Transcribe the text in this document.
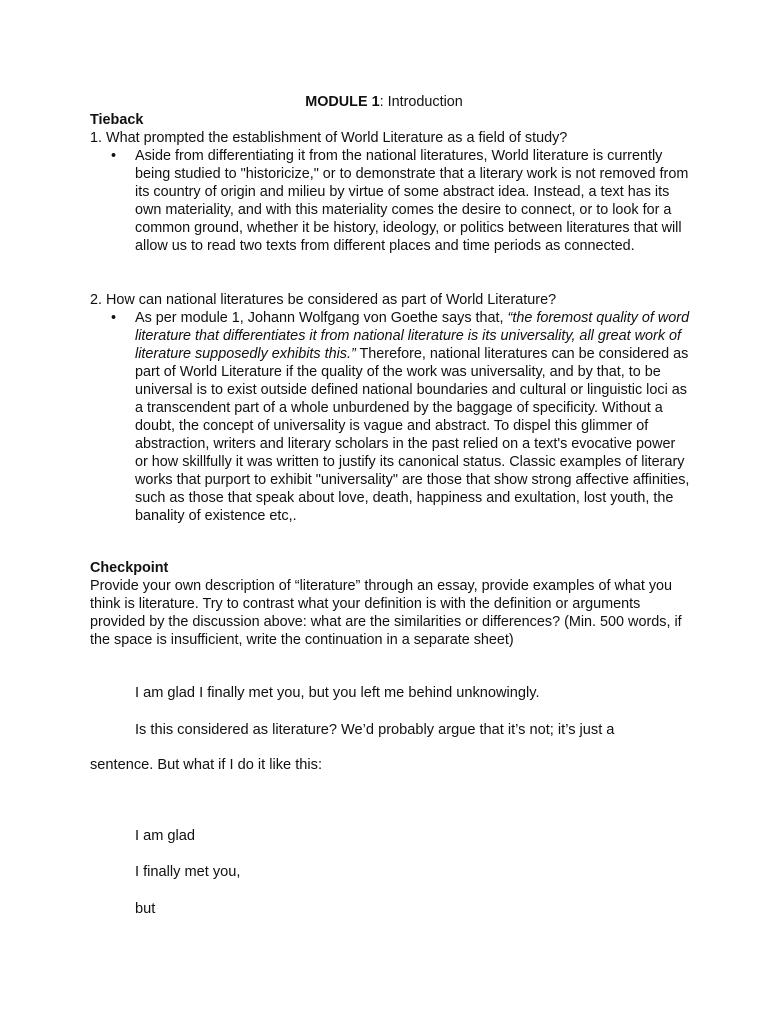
MODULE 1: Introduction
Tieback
1. What prompted the establishment of World Literature as a field of study?
• Aside from differentiating it from the national literatures, World literature is currently being studied to "historicize," or to demonstrate that a literary work is not removed from its country of origin and milieu by virtue of some abstract idea. Instead, a text has its own materiality, and with this materiality comes the desire to connect, or to look for a common ground, whether it be history, ideology, or politics between literatures that will allow us to read two texts from different places and time periods as connected.
2. How can national literatures be considered as part of World Literature?
• As per module 1, Johann Wolfgang von Goethe says that, “the foremost quality of word literature that differentiates it from national literature is its universality, all great work of literature supposedly exhibits this.” Therefore, national literatures can be considered as part of World Literature if the quality of the work was universality, and by that, to be universal is to exist outside defined national boundaries and cultural or linguistic loci as a transcendent part of a whole unburdened by the baggage of specificity. Without a doubt, the concept of universality is vague and abstract. To dispel this glimmer of abstraction, writers and literary scholars in the past relied on a text's evocative power or how skillfully it was written to justify its canonical status. Classic examples of literary works that purport to exhibit "universality" are those that show strong affective affinities, such as those that speak about love, death, happiness and exultation, lost youth, the banality of existence etc,.
Checkpoint
Provide your own description of “literature” through an essay, provide examples of what you think is literature. Try to contrast what your definition is with the definition or arguments provided by the discussion above: what are the similarities or differences? (Min. 500 words, if the space is insufficient, write the continuation in a separate sheet)
I am glad I finally met you, but you left me behind unknowingly.
Is this considered as literature? We’d probably argue that it’s not; it’s just a
sentence. But what if I do it like this:
I am glad
I finally met you,
but
